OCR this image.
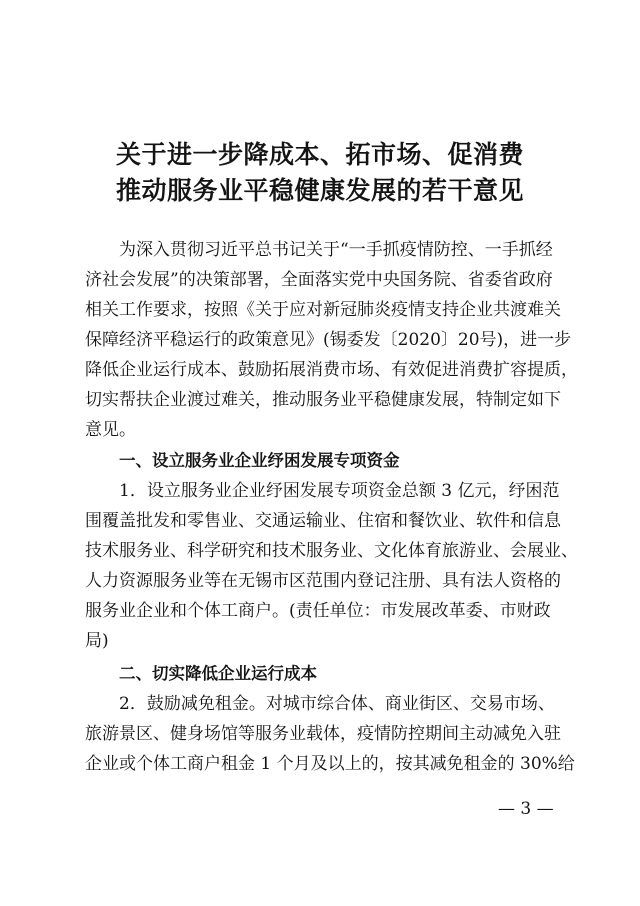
关于进一步降成本、拓市场、促消费
推动服务业平稳健康发展的若干意见
为深入贯彻习近平总书记关于“一手抓疫情防控、一手抓经
济社会发展”的决策部署，全面落实党中央国务院、省委省政府
相关工作要求，按照《关于应对新冠肺炎疫情支持企业共渡难关
保障经济平稳运行的政策意见》(锡委发〔2020〕20号)，进一步
降低企业运行成本、鼓励拓展消费市场、有效促进消费扩容提质，
切实帮扶企业渡过难关，推动服务业平稳健康发展，特制定如下
意见。
一、设立服务业企业纾困发展专项资金
1．设立服务业企业纾困发展专项资金总额 3 亿元，纾困范
围覆盖批发和零售业、交通运输业、住宿和餐饮业、软件和信息
技术服务业、科学研究和技术服务业、文化体育旅游业、会展业、
人力资源服务业等在无锡市区范围内登记注册、具有法人资格的
服务业企业和个体工商户。(责任单位：市发展改革委、市财政
局)
二、切实降低企业运行成本
2．鼓励减免租金。对城市综合体、商业街区、交易市场、
旅游景区、健身场馆等服务业载体，疫情防控期间主动减免入驻
企业或个体工商户租金 1 个月及以上的，按其减免租金的 30%给
— 3 —
